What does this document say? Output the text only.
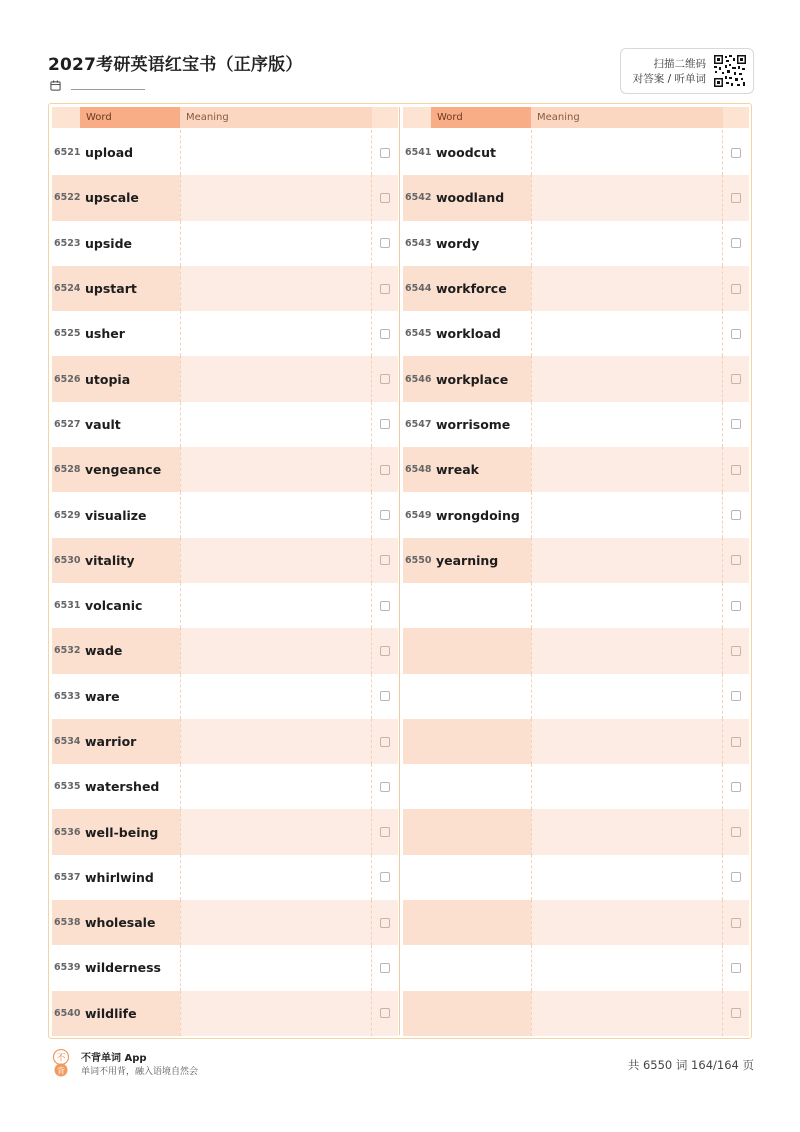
2027考研英语红宝书（正序版）	扫描二维码
对答案 / 听单词
Word	Meaning
6521 upload
6522 upscale
6523 upside
6524 upstart
6525 usher
6526 utopia
6527 vault
6528 vengeance
6529 visualize
6530 vitality
6531 volcanic
6532 wade
6533 ware
6534 warrior
6535 watershed
6536 well-being
6537 whirlwind
6538 wholesale
6539 wilderness
6540 wildlife
Word	Meaning
6541 woodcut
6542 woodland
6543 wordy
6544 workforce
6545 workload
6546 workplace
6547 worrisome
6548 wreak
6549 wrongdoing
6550 yearning
不
背
不背单词 App
单词不用背，融入语境自然会	共 6550 词 164/164 页
